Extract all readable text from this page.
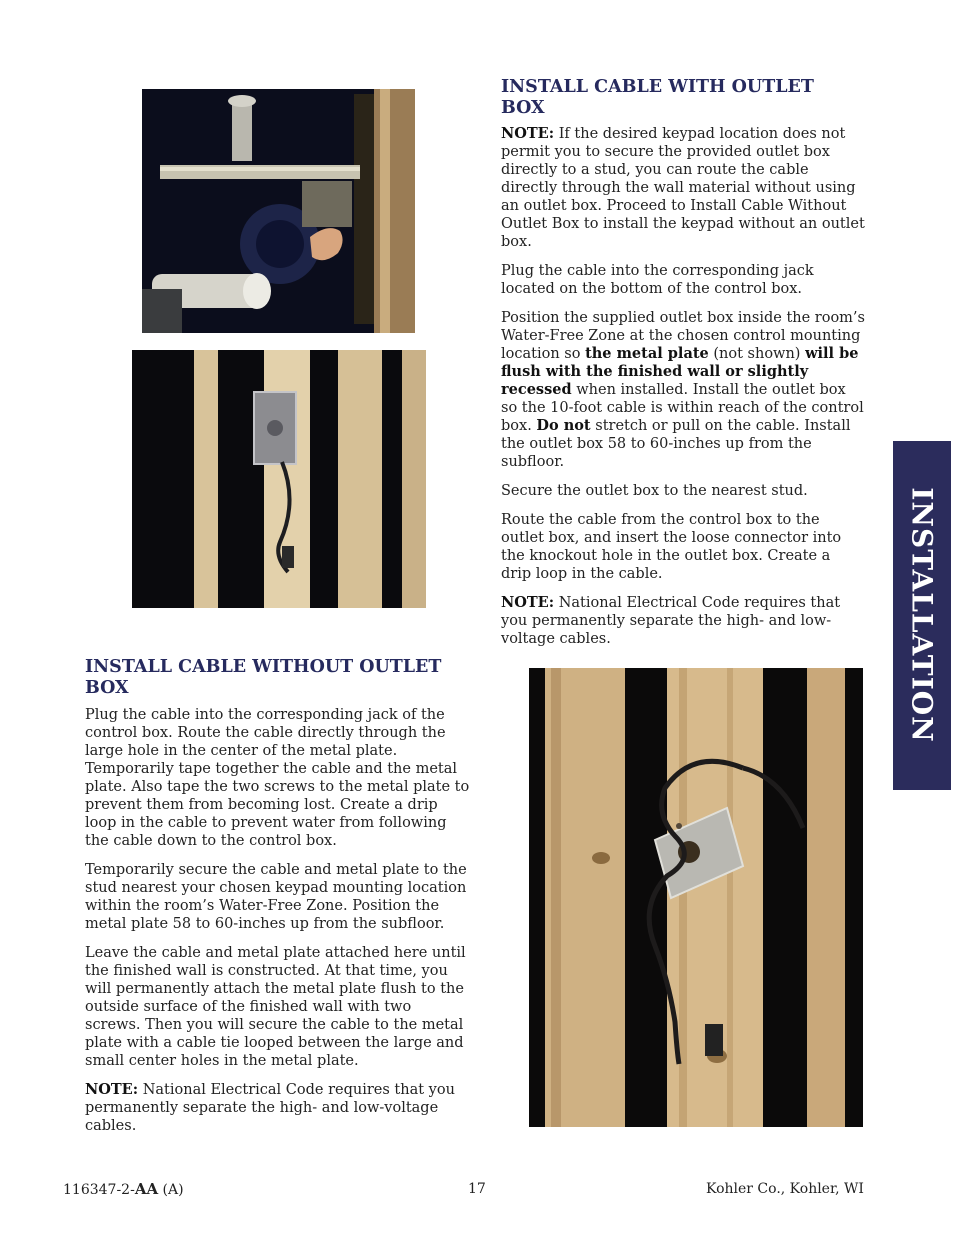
INSTALL CABLE WITH OUTLET BOX

NOTE: If the desired keypad location does not permit you to secure the provided outlet box directly to a stud, you can route the cable directly through the wall material without using an outlet box. Proceed to Install Cable Without Outlet Box to install the keypad without an outlet box.

Plug the cable into the corresponding jack located on the bottom of the control box.

Position the supplied outlet box inside the room’s Water-Free Zone at the chosen control mounting location so the metal plate (not shown) will be flush with the finished wall or slightly recessed when installed. Install the outlet box so the 10-foot cable is within reach of the control box. Do not stretch or pull on the cable. Install the outlet box 58 to 60-inches up from the subfloor.

Secure the outlet box to the nearest stud.

Route the cable from the control box to the outlet box, and insert the loose connector into the knockout hole in the outlet box. Create a drip loop in the cable.

NOTE: National Electrical Code requires that you permanently separate the high- and low-voltage cables.

INSTALL CABLE WITHOUT OUTLET BOX

Plug the cable into the corresponding jack of the control box. Route the cable directly through the large hole in the center of the metal plate. Temporarily tape together the cable and the metal plate. Also tape the two screws to the metal plate to prevent them from becoming lost. Create a drip loop in the cable to prevent water from following the cable down to the control box.

Temporarily secure the cable and metal plate to the stud nearest your chosen keypad mounting location within the room’s Water-Free Zone. Position the metal plate 58 to 60-inches up from the subfloor.

Leave the cable and metal plate attached here until the finished wall is constructed. At that time, you will permanently attach the metal plate flush to the outside surface of the finished wall with two screws. Then you will secure the cable to the metal plate with a cable tie looped between the large and small center holes in the metal plate.

NOTE: National Electrical Code requires that you permanently separate the high- and low-voltage cables.

INSTALLATION
116347-2-AA (A)	17	Kohler Co., Kohler, WI
